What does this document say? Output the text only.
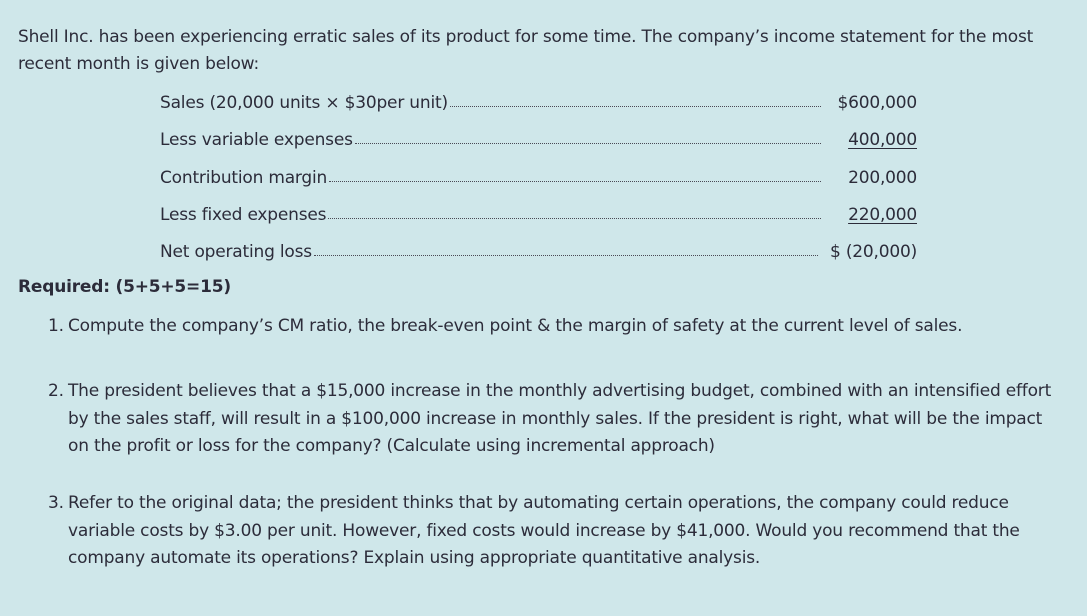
Shell Inc. has been experiencing erratic sales of its product for some time. The company’s income statement for the most recent month is given below:
Sales (20,000 units × $30per unit)	$600,000
Less variable expenses	400,000
Contribution margin	200,000
Less fixed expenses	220,000
Net operating loss	$ (20,000)
Required: (5+5+5=15)
1. Compute the company’s CM ratio, the break-even point & the margin of safety at the current level of sales.
2. The president believes that a $15,000 increase in the monthly advertising budget, combined with an intensified effort by the sales staff, will result in a $100,000 increase in monthly sales. If the president is right, what will be the impact on the profit or loss for the company? (Calculate using incremental approach)
3. Refer to the original data; the president thinks that by automating certain operations, the company could reduce variable costs by $3.00 per unit. However, fixed costs would increase by $41,000. Would you recommend that the company automate its operations? Explain using appropriate quantitative analysis.
